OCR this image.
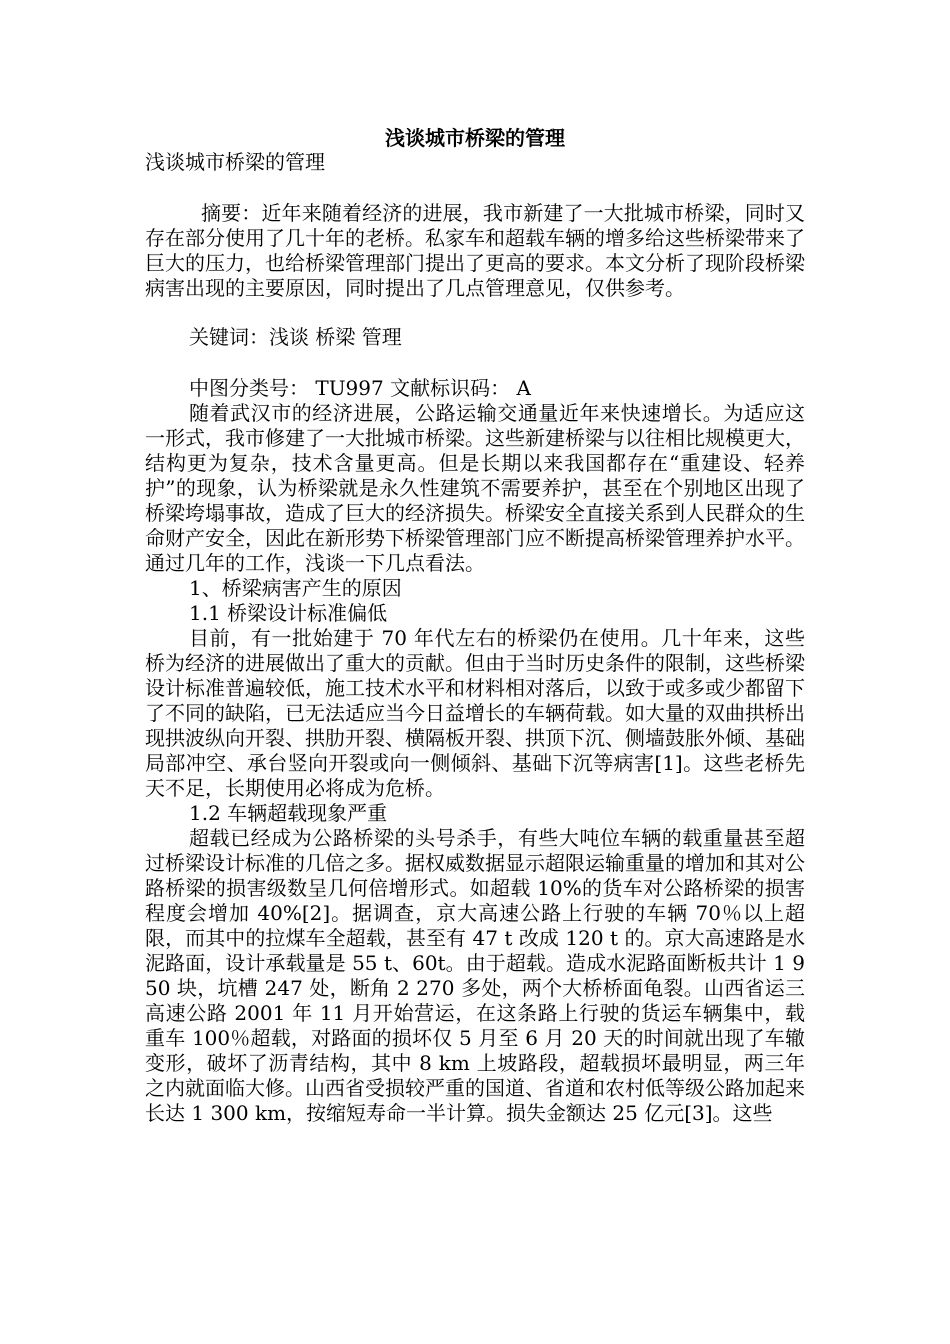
浅谈城市桥梁的管理

浅谈城市桥梁的管理

摘要：近年来随着经济的进展，我市新建了一大批城市桥梁，同时又存在部分使用了几十年的老桥。私家车和超载车辆的增多给这些桥梁带来了巨大的压力，也给桥梁管理部门提出了更高的要求。本文分析了现阶段桥梁病害出现的主要原因，同时提出了几点管理意见，仅供参考。

关键词：浅谈 桥梁 管理

中图分类号： TU997 文献标识码： A

随着武汉市的经济进展，公路运输交通量近年来快速增长。为适应这一形式，我市修建了一大批城市桥梁。这些新建桥梁与以往相比规模更大，结构更为复杂，技术含量更高。但是长期以来我国都存在“重建设、轻养护”的现象，认为桥梁就是永久性建筑不需要养护，甚至在个别地区出现了桥梁垮塌事故，造成了巨大的经济损失。桥梁安全直接关系到人民群众的生命财产安全，因此在新形势下桥梁管理部门应不断提高桥梁管理养护水平。通过几年的工作，浅谈一下几点看法。

1、桥梁病害产生的原因

1.1 桥梁设计标准偏低

目前，有一批始建于 70 年代左右的桥梁仍在使用。几十年来，这些桥为经济的进展做出了重大的贡献。但由于当时历史条件的限制，这些桥梁设计标准普遍较低，施工技术水平和材料相对落后，以致于或多或少都留下了不同的缺陷，已无法适应当今日益增长的车辆荷载。如大量的双曲拱桥出现拱波纵向开裂、拱肋开裂、横隔板开裂、拱顶下沉、侧墙鼓胀外倾、基础局部冲空、承台竖向开裂或向一侧倾斜、基础下沉等病害[1]。这些老桥先天不足，长期使用必将成为危桥。

1.2 车辆超载现象严重

超载已经成为公路桥梁的头号杀手，有些大吨位车辆的载重量甚至超过桥梁设计标准的几倍之多。据权威数据显示超限运输重量的增加和其对公路桥梁的损害级数呈几何倍增形式。如超载 10%的货车对公路桥梁的损害程度会增加 40%[2]。据调查，京大高速公路上行驶的车辆 70％以上超限，而其中的拉煤车全超载，甚至有 47 t 改成 120 t 的。京大高速路是水泥路面，设计承载量是 55 t、60t。由于超载。造成水泥路面断板共计 1 950 块，坑槽 247 处，断角 2 270 多处，两个大桥桥面龟裂。山西省运三高速公路 2001 年 11 月开始营运，在这条路上行驶的货运车辆集中，载重车 100％超载，对路面的损坏仅 5 月至 6 月 20 天的时间就出现了车辙变形，破坏了沥青结构，其中 8 km 上坡路段，超载损坏最明显，两三年之内就面临大修。山西省受损较严重的国道、省道和农村低等级公路加起来长达 1 300 km，按缩短寿命一半计算。损失金额达 25 亿元[3]。这些
